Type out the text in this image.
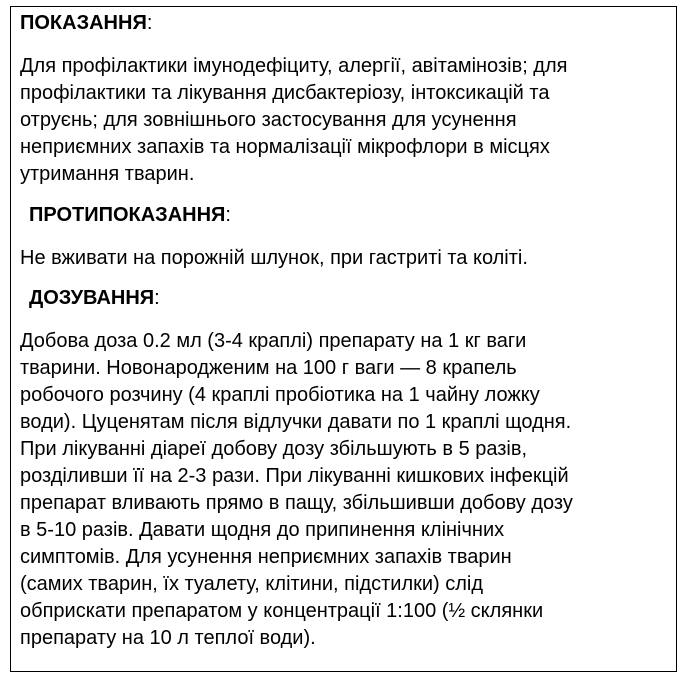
ПОКАЗАННЯ:
Для профілактики імунодефіциту, алергії, авітамінозів; для
профілактики та лікування дисбактеріозу, інтоксикацій та
отруєнь; для зовнішнього застосування для усунення
неприємних запахів та нормалізації мікрофлори в місцях
утримання тварин.
ПРОТИПОКАЗАННЯ:
Не вживати на порожній шлунок, при гастриті та коліті.
ДОЗУВАННЯ:
Добова доза 0.2 мл (3-4 краплі) препарату на 1 кг ваги
тварини. Новонародженим на 100 г ваги — 8 крапель
робочого розчину (4 краплі пробіотика на 1 чайну ложку
води). Цуценятам після відлучки давати по 1 краплі щодня.
При лікуванні діареї добову дозу збільшують в 5 разів,
розділивши її на 2-3 рази. При лікуванні кишкових інфекцій
препарат вливають прямо в пащу, збільшивши добову дозу
в 5-10 разів. Давати щодня до припинення клінічних
симптомів. Для усунення неприємних запахів тварин
(самих тварин, їх туалету, клітини, підстилки) слід
обприскати препаратом у концентрації 1:100 (½ склянки
препарату на 10 л теплої води).
